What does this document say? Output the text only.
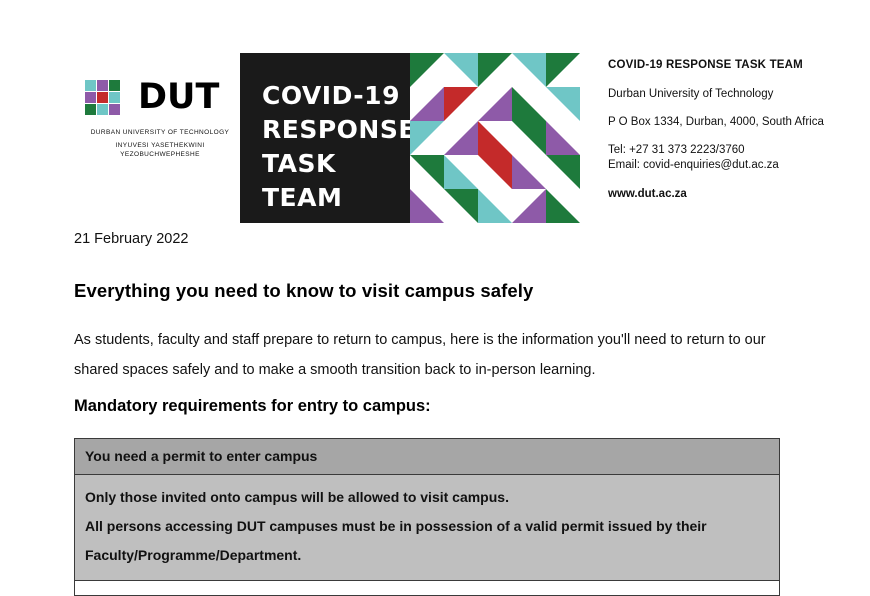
DUT
DURBAN UNIVERSITY OF TECHNOLOGY
INYUVESI YASETHEKWINI YEZOBUCHWEPHESHE
COVID-19
RESPONSE
TASK TEAM
COVID-19 RESPONSE TASK TEAM
Durban University of Technology
P O Box 1334, Durban, 4000, South Africa
Tel: +27 31 373 2223/3760
Email: covid-enquiries@dut.ac.za
www.dut.ac.za
21 February 2022
Everything you need to know to visit campus safely
As students, faculty and staff prepare to return to campus, here is the information you'll need to return to our shared spaces safely and to make a smooth transition back to in-person learning.
Mandatory requirements for entry to campus:
You need a permit to enter campus

Only those invited onto campus will be allowed to visit campus.

All persons accessing DUT campuses must be in possession of a valid permit issued by their Faculty/Programme/Department.
